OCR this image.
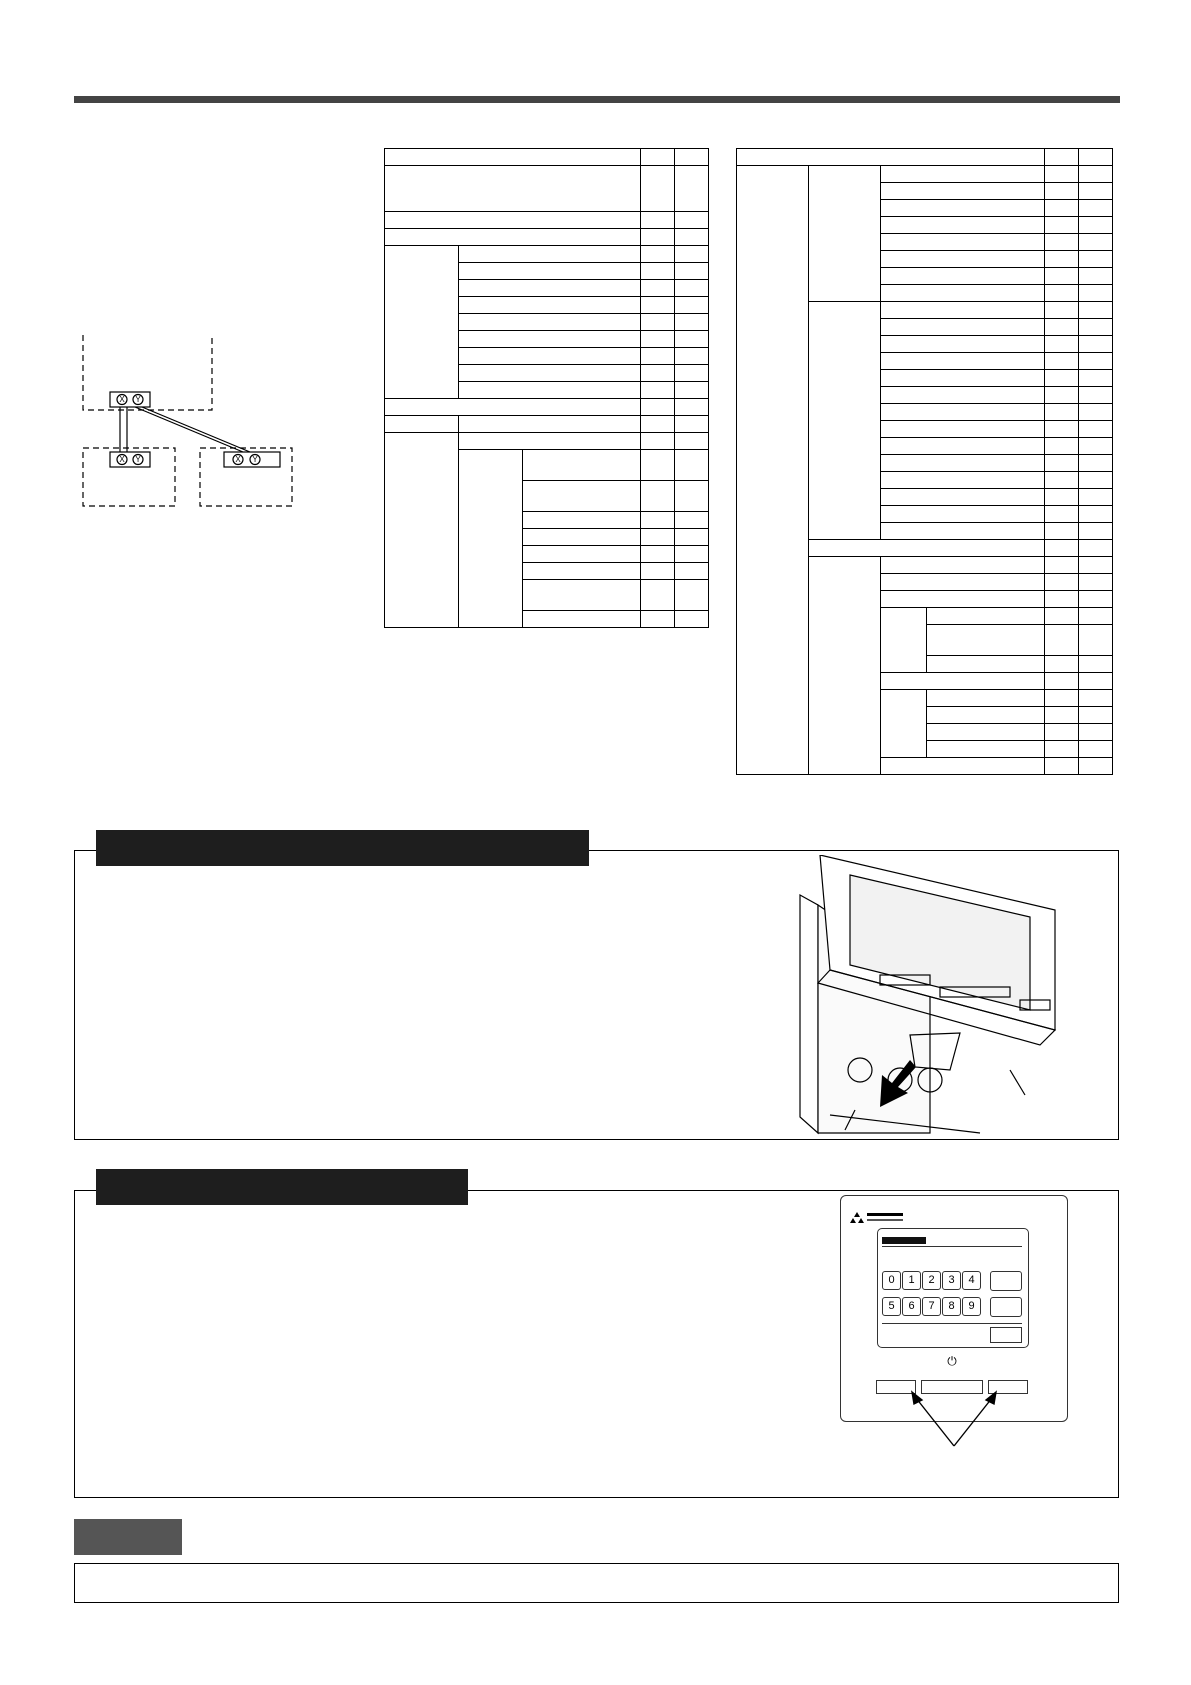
X Y
X Y	X Y

0	1	2	3	4
5	6	7	8	9
⏻
